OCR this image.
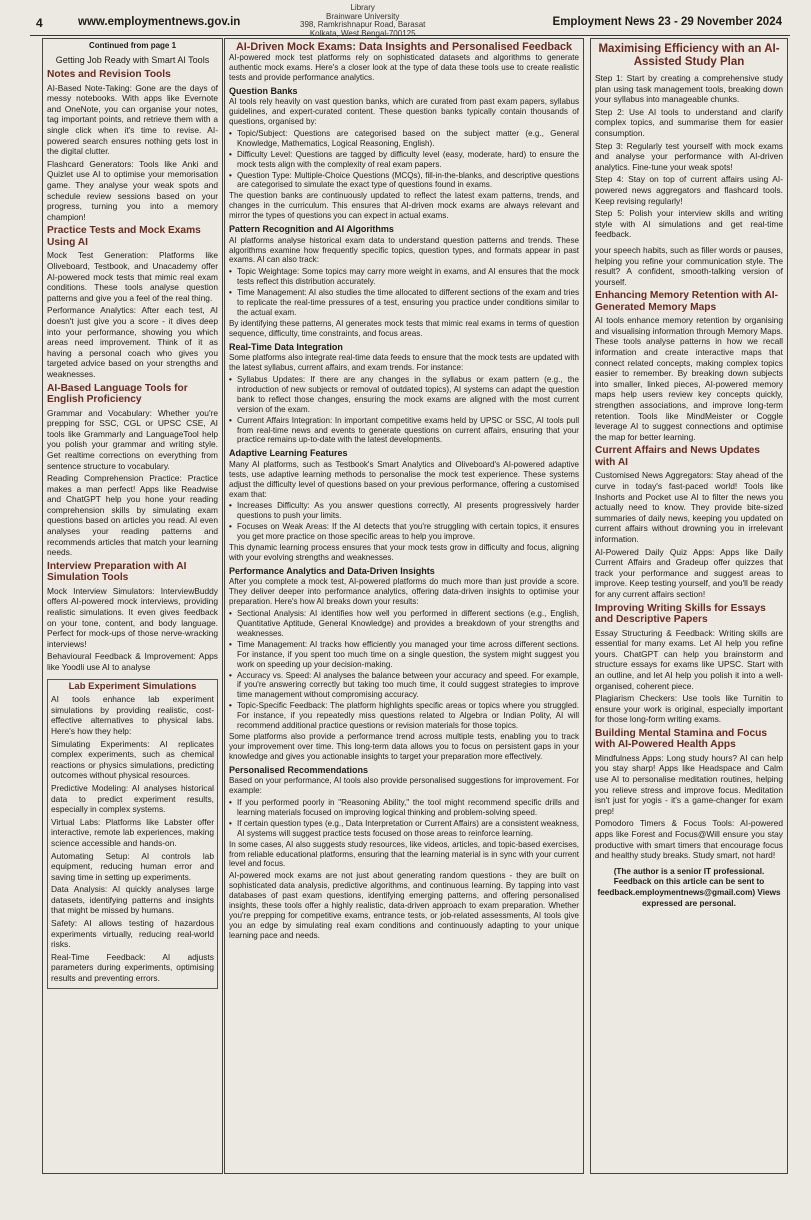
4	www.employmentnews.gov.in
Library
Brainware University
398, Ramkrishnapur Road, Barasat
Kolkata, West Bengal-700125
Employment News 23 - 29 November 2024
Continued from page 1
Getting Job Ready with Smart AI Tools
Notes and Revision Tools

AI-Based Note-Taking: Gone are the days of messy notebooks. With apps like Evernote and OneNote, you can organise your notes, tag important points, and retrieve them with a single click when it's time to revise. AI-powered search ensures nothing gets lost in the digital clutter.

Flashcard Generators: Tools like Anki and Quizlet use AI to optimise your memorisation game. They analyse your weak spots and schedule review sessions based on your progress, turning you into a memory champion!

Practice Tests and Mock Exams Using AI

Mock Test Generation: Platforms like Oliveboard, Testbook, and Unacademy offer AI-powered mock tests that mimic real exam conditions. These tools analyse question patterns and give you a feel of the real thing.

Performance Analytics: After each test, AI doesn't just give you a score - it dives deep into your performance, showing you which areas need improvement. Think of it as having a personal coach who gives you targeted advice based on your strengths and weaknesses.

AI-Based Language Tools for English Proficiency

Grammar and Vocabulary: Whether you're prepping for SSC, CGL or UPSC CSE, AI tools like Grammarly and LanguageTool help you polish your grammar and writing style. Get realtime corrections on everything from sentence structure to vocabulary.

Reading Comprehension Practice: Practice makes a man perfect! Apps like Readwise and ChatGPT help you hone your reading comprehension skills by simulating exam questions based on articles you read. AI even analyses your reading patterns and recommends articles that match your learning needs.

Interview Preparation with AI Simulation Tools

Mock Interview Simulators: InterviewBuddy offers AI-powered mock interviews, providing realistic simulations. It even gives feedback on your tone, content, and body language. Perfect for mock-ups of those nerve-wracking interviews!

Behavioural Feedback & Improvement: Apps like Yoodli use AI to analyse

Lab Experiment Simulations

AI tools enhance lab experiment simulations by providing realistic, cost-effective alternatives to physical labs. Here's how they help:

Simulating Experiments: AI replicates complex experiments, such as chemical reactions or physics simulations, predicting outcomes without physical resources.

Predictive Modeling: AI analyses historical data to predict experiment results, especially in complex systems.

Virtual Labs: Platforms like Labster offer interactive, remote lab experiences, making science accessible and hands-on.

Automating Setup: AI controls lab equipment, reducing human error and saving time in setting up experiments.

Data Analysis: AI quickly analyses large datasets, identifying patterns and insights that might be missed by humans.

Safety: AI allows testing of hazardous experiments virtually, reducing real-world risks.

Real-Time Feedback: AI adjusts parameters during experiments, optimising results and preventing errors.

AI-Driven Mock Exams: Data Insights and Personalised Feedback

AI-powered mock test platforms rely on sophisticated datasets and algorithms to generate authentic mock exams. Here's a closer look at the type of data these tools use to create realistic tests and provide performance analytics.

Question Banks

AI tools rely heavily on vast question banks, which are curated from past exam papers, syllabus guidelines, and expert-curated content. These question banks typically contain thousands of questions, organised by:

• Topic/Subject: Questions are categorised based on the subject matter (e.g., General Knowledge, Mathematics, Logical Reasoning, English).
• Difficulty Level: Questions are tagged by difficulty level (easy, moderate, hard) to ensure the mock tests align with the complexity of real exam papers.
• Question Type: Multiple-Choice Questions (MCQs), fill-in-the-blanks, and descriptive questions are categorised to simulate the exact type of questions found in exams.

The question banks are continuously updated to reflect the latest exam patterns, trends, and changes in the curriculum. This ensures that AI-driven mock exams are always relevant and mirror the types of questions you can expect in actual exams.

Pattern Recognition and AI Algorithms

AI platforms analyse historical exam data to understand question patterns and trends. These algorithms examine how frequently specific topics, question types, and formats appear in past exams. AI can also track:

• Topic Weightage: Some topics may carry more weight in exams, and AI ensures that the mock tests reflect this distribution accurately.
• Time Management: AI also studies the time allocated to different sections of the exam and tries to replicate the real-time pressures of a test, ensuring you practice under conditions similar to the actual exam.

By identifying these patterns, AI generates mock tests that mimic real exams in terms of question sequence, difficulty, time constraints, and focus areas.

Real-Time Data Integration

Some platforms also integrate real-time data feeds to ensure that the mock tests are updated with the latest syllabus, current affairs, and exam trends. For instance:

• Syllabus Updates: If there are any changes in the syllabus or exam pattern (e.g., the introduction of new subjects or removal of outdated topics), AI systems can adapt the question bank to reflect those changes, ensuring the mock exams are aligned with the most current version of the exam.
• Current Affairs Integration: In important competitive exams held by UPSC or SSC, AI tools pull from real-time news and events to generate questions on current affairs, ensuring that your practice remains up-to-date with the latest developments.
Adaptive Learning Features

Many AI platforms, such as Testbook's Smart Analytics and Oliveboard's AI-powered adaptive tests, use adaptive learning methods to personalise the mock test experience. These systems adjust the difficulty level of questions based on your previous performance, offering a customised exam that:

• Increases Difficulty: As you answer questions correctly, AI presents progressively harder questions to push your limits.
• Focuses on Weak Areas: If the AI detects that you're struggling with certain topics, it ensures you get more practice on those specific areas to help you improve.

This dynamic learning process ensures that your mock tests grow in difficulty and focus, aligning with your evolving strengths and weaknesses.

Performance Analytics and Data-Driven Insights

After you complete a mock test, AI-powered platforms do much more than just provide a score. They deliver deeper into performance analytics, offering data-driven insights to optimise your preparation. Here's how AI breaks down your results:

• Sectional Analysis: AI identifies how well you performed in different sections (e.g., English, Quantitative Aptitude, General Knowledge) and provides a breakdown of your strengths and weaknesses.
• Time Management: AI tracks how efficiently you managed your time across different sections. For instance, if you spent too much time on a single question, the system might suggest you work on speeding up your decision-making.
• Accuracy vs. Speed: AI analyses the balance between your accuracy and speed. For example, if you're answering correctly but taking too much time, it could suggest strategies to improve time management without compromising accuracy.
• Topic-Specific Feedback: The platform highlights specific areas or topics where you struggled. For instance, if you repeatedly miss questions related to Algebra or Indian Polity, AI will recommend additional practice questions or revision materials for those topics.

Some platforms also provide a performance trend across multiple tests, enabling you to track your improvement over time. This long-term data allows you to focus on persistent gaps in your knowledge and gives you actionable insights to target your preparation more effectively.

Personalised Recommendations

Based on your performance, AI tools also provide personalised suggestions for improvement. For example:

• If you performed poorly in "Reasoning Ability," the tool might recommend specific drills and learning materials focused on improving logical thinking and problem-solving speed.
• If certain question types (e.g., Data Interpretation or Current Affairs) are a consistent weakness, AI systems will suggest practice tests focused on those areas to reinforce learning.

In some cases, AI also suggests study resources, like videos, articles, and topic-based exercises, from reliable educational platforms, ensuring that the learning material is in sync with your current level and focus.

AI-powered mock exams are not just about generating random questions - they are built on sophisticated data analysis, predictive algorithms, and continuous learning. By tapping into vast databases of past exam questions, identifying emerging patterns, and offering personalised insights, these tools offer a highly realistic, data-driven approach to exam preparation. Whether you're prepping for competitive exams, entrance tests, or job-related assessments, AI tools give you an edge by simulating real exam conditions and continuously adapting to your unique learning pace and needs.

Maximising Efficiency with an AI-Assisted Study Plan

Step 1: Start by creating a comprehensive study plan using task management tools, breaking down your syllabus into manageable chunks.

Step 2: Use AI tools to understand and clarify complex topics, and summarise them for easier consumption.

Step 3: Regularly test yourself with mock exams and analyse your performance with AI-driven analytics. Fine-tune your weak spots!

Step 4: Stay on top of current affairs using AI-powered news aggregators and flashcard tools. Keep revising regularly!

Step 5: Polish your interview skills and writing style with AI simulations and get real-time feedback.

your speech habits, such as filler words or pauses, helping you refine your communication style. The result? A confident, smooth-talking version of yourself.

Enhancing Memory Retention with AI-Generated Memory Maps

AI tools enhance memory retention by organising and visualising information through Memory Maps. These tools analyse patterns in how we recall information and create interactive maps that connect related concepts, making complex topics easier to remember. By breaking down subjects into smaller, linked pieces, AI-powered memory maps help users review key concepts quickly, strengthen associations, and improve long-term retention. Tools like MindMeister or Coggle leverage AI to suggest connections and optimise the map for better learning.

Current Affairs and News Updates with AI

Customised News Aggregators: Stay ahead of the curve in today's fast-paced world! Tools like Inshorts and Pocket use AI to filter the news you actually need to know. They provide bite-sized summaries of daily news, keeping you updated on current affairs without drowning you in irrelevant information.

AI-Powered Daily Quiz Apps: Apps like Daily Current Affairs and Gradeup offer quizzes that track your performance and suggest areas to improve. Keep testing yourself, and you'll be ready for any current affairs section!

Improving Writing Skills for Essays and Descriptive Papers

Essay Structuring & Feedback: Writing skills are essential for many exams. Let AI help you refine yours. ChatGPT can help you brainstorm and structure essays for exams like UPSC. Start with an outline, and let AI help you polish it into a well-organised, coherent piece.

Plagiarism Checkers: Use tools like Turnitin to ensure your work is original, especially important for those long-form writing exams.

Building Mental Stamina and Focus with AI-Powered Health Apps

Mindfulness Apps: Long study hours? AI can help you stay sharp! Apps like Headspace and Calm use AI to personalise meditation routines, helping you relieve stress and improve focus. Meditation isn't just for yogis - it's a game-changer for exam prep!

Pomodoro Timers & Focus Tools: AI-powered apps like Forest and Focus@Will ensure you stay productive with smart timers that encourage focus and healthy study breaks. Study smart, not hard!

(The author is a senior IT professional. Feedback on this article can be sent to feedback.employmentnews@gmail.com) Views expressed are personal.
